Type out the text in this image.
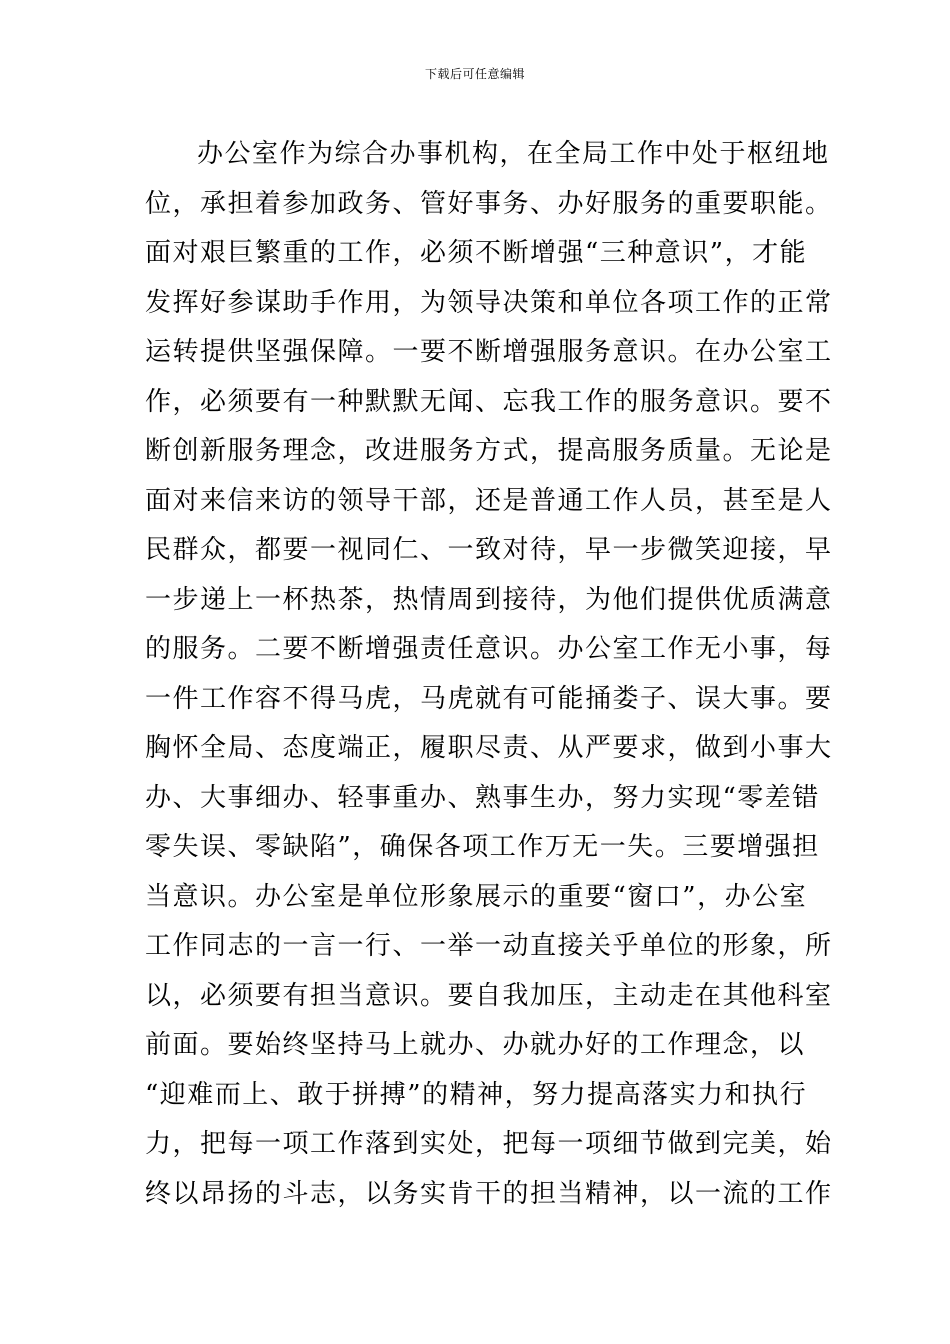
下载后可任意编辑
办公室作为综合办事机构，在全局工作中处于枢纽地
位，承担着参加政务、管好事务、办好服务的重要职能。
面对艰巨繁重的工作，必须不断增强“三种意识”，才能
发挥好参谋助手作用，为领导决策和单位各项工作的正常
运转提供坚强保障。一要不断增强服务意识。在办公室工
作，必须要有一种默默无闻、忘我工作的服务意识。要不
断创新服务理念，改进服务方式，提高服务质量。无论是
面对来信来访的领导干部，还是普通工作人员，甚至是人
民群众，都要一视同仁、一致对待，早一步微笑迎接，早
一步递上一杯热茶，热情周到接待，为他们提供优质满意
的服务。二要不断增强责任意识。办公室工作无小事，每
一件工作容不得马虎，马虎就有可能捅娄子、误大事。要
胸怀全局、态度端正，履职尽责、从严要求，做到小事大
办、大事细办、轻事重办、熟事生办，努力实现“零差错
零失误、零缺陷”，确保各项工作万无一失。三要增强担
当意识。办公室是单位形象展示的重要“窗口”，办公室
工作同志的一言一行、一举一动直接关乎单位的形象，所
以，必须要有担当意识。要自我加压，主动走在其他科室
前面。要始终坚持马上就办、办就办好的工作理念，以
“迎难而上、敢于拼搏”的精神，努力提高落实力和执行
力，把每一项工作落到实处，把每一项细节做到完美，始
终以昂扬的斗志，以务实肯干的担当精神，以一流的工作
